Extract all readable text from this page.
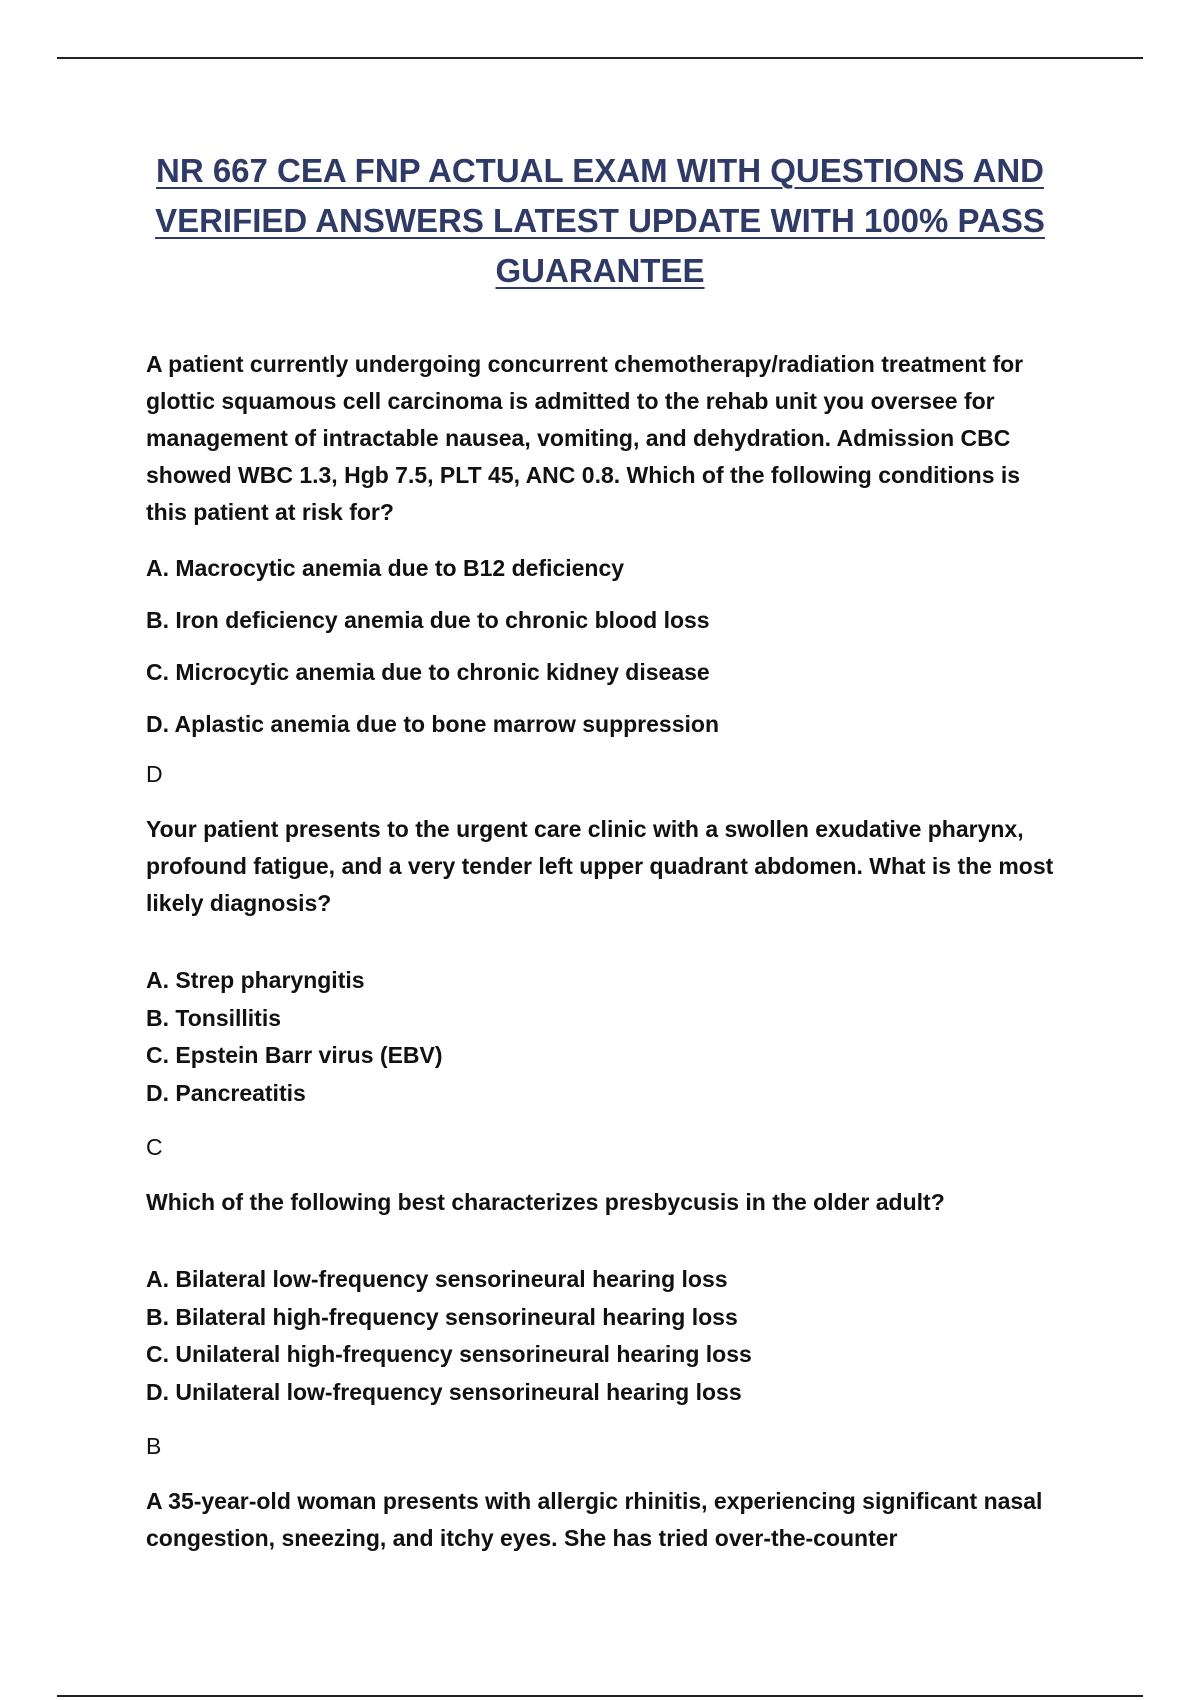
NR 667 CEA FNP ACTUAL EXAM WITH QUESTIONS AND VERIFIED ANSWERS LATEST UPDATE WITH 100% PASS GUARANTEE

A patient currently undergoing concurrent chemotherapy/radiation treatment for glottic squamous cell carcinoma is admitted to the rehab unit you oversee for management of intractable nausea, vomiting, and dehydration. Admission CBC showed WBC 1.3, Hgb 7.5, PLT 45, ANC 0.8. Which of the following conditions is this patient at risk for?

A. Macrocytic anemia due to B12 deficiency

B. Iron deficiency anemia due to chronic blood loss

C. Microcytic anemia due to chronic kidney disease

D. Aplastic anemia due to bone marrow suppression

D

Your patient presents to the urgent care clinic with a swollen exudative pharynx, profound fatigue, and a very tender left upper quadrant abdomen. What is the most likely diagnosis?

A. Strep pharyngitis

B. Tonsillitis

C. Epstein Barr virus (EBV)

D. Pancreatitis

C

Which of the following best characterizes presbycusis in the older adult?

A. Bilateral low-frequency sensorineural hearing loss

B. Bilateral high-frequency sensorineural hearing loss

C. Unilateral high-frequency sensorineural hearing loss

D. Unilateral low-frequency sensorineural hearing loss

B

A 35-year-old woman presents with allergic rhinitis, experiencing significant nasal congestion, sneezing, and itchy eyes. She has tried over-the-counter
